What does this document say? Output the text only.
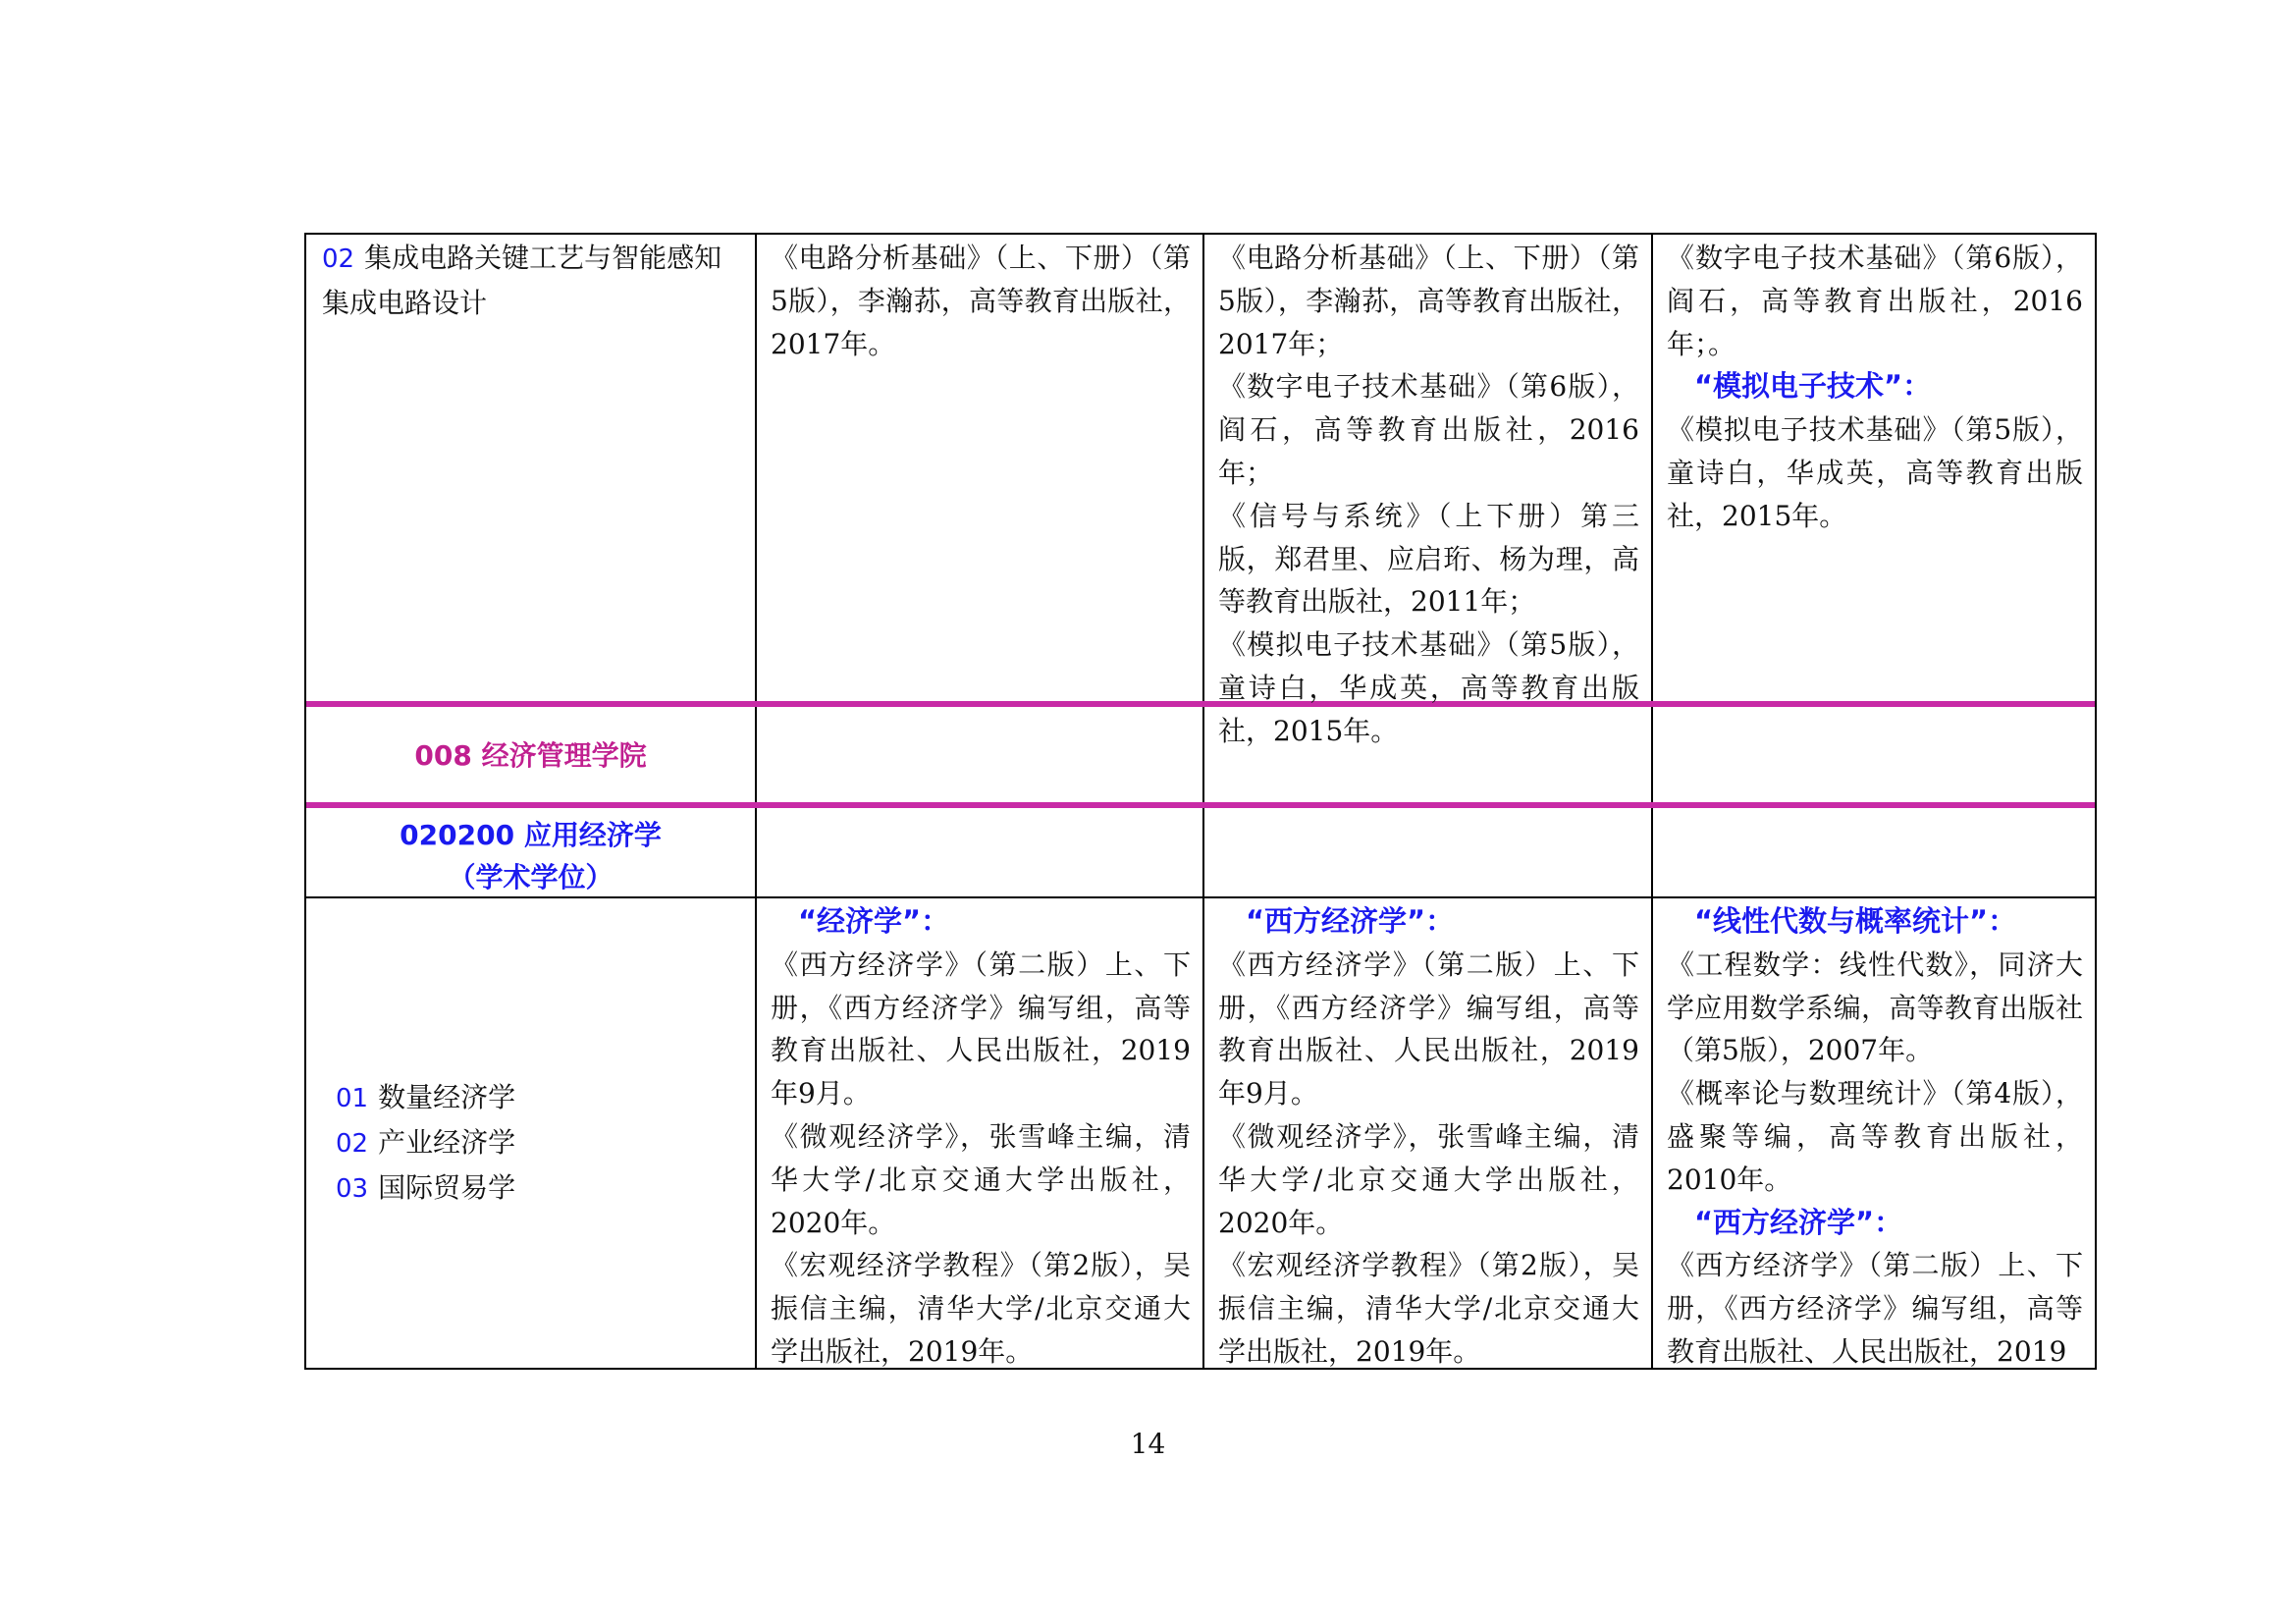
02 集成电路关键工艺与智能感知集成电路设计

《电路分析基础》（上、下册）（第5版），李瀚荪，高等教育出版社，2017年。

《电路分析基础》（上、下册）（第5版），李瀚荪，高等教育出版社，2017年；

《数字电子技术基础》（第6版），阎石，高等教育出版社，2016年；

《信号与系统》（上下册）第三版，郑君里、应启珩、杨为理，高等教育出版社，2011年；

《模拟电子技术基础》（第5版），童诗白，华成英，高等教育出版社，2015年。

《数字电子技术基础》（第6版），阎石，高等教育出版社，2016年；。

“模拟电子技术”：

《模拟电子技术基础》（第5版），童诗白，华成英，高等教育出版社，2015年。

008 经济管理学院
020200 应用经济学
（学术学位）
01 数量经济学
02 产业经济学
03 国际贸易学

“经济学”：

《西方经济学》（第二版）上、下册，《西方经济学》编写组，高等教育出版社、人民出版社，2019年9月。

《微观经济学》，张雪峰主编，清华大学/北京交通大学出版社，2020年。

《宏观经济学教程》（第2版），吴振信主编，清华大学/北京交通大学出版社，2019年。

“西方经济学”：

《西方经济学》（第二版）上、下册，《西方经济学》编写组，高等教育出版社、人民出版社，2019年9月。

《微观经济学》，张雪峰主编，清华大学/北京交通大学出版社，2020年。

《宏观经济学教程》（第2版），吴振信主编，清华大学/北京交通大学出版社，2019年。

“线性代数与概率统计”：

《工程数学：线性代数》，同济大学应用数学系编，高等教育出版社（第5版），2007年。

《概率论与数理统计》（第4版），盛聚等编，高等教育出版社，2010年。

“西方经济学”：

《西方经济学》（第二版）上、下册，《西方经济学》编写组，高等教育出版社、人民出版社，2019

14
